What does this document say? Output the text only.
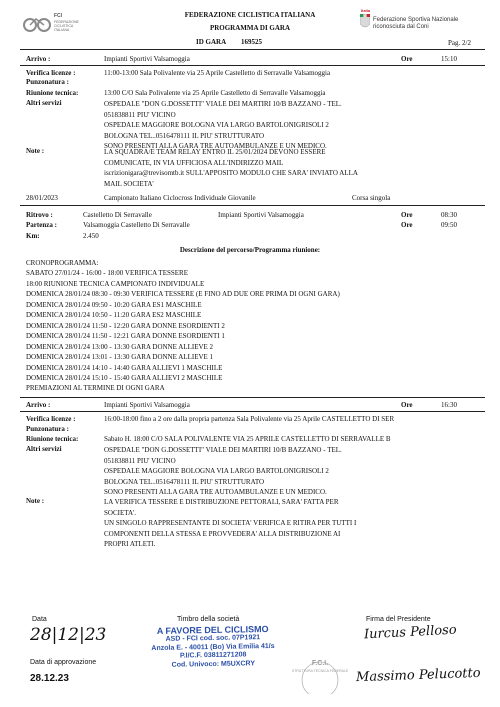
FCI
FEDERAZIONE
CICLISTICA
ITALIANA
FEDERAZIONE CICLISTICA ITALIANA
PROGRAMMA DI GARA
ID GARA 169525
Italia
Federazione Sportiva Nazionale
riconosciuta dal Coni
Pag. 2/2
Arrivo :	Impianti Sportivi Valsamoggia	Ore	15:10
Verifica licenze :	11:00-13:00 Sala Polivalente via 25 Aprile Castelletto di Serravalle Valsamoggia
Punzonatura :
Riunione tecnica:	13:00 C/O Sala Polivalente via 25 Aprile Castelletto di Serravalle Valsamoggia
Altri servizi	OSPEDALE "DON G.DOSSETTI" VIALE DEI MARTIRI 10/B BAZZANO - TEL.
051838811 PIU' VICINO
OSPEDALE MAGGIORE BOLOGNA VIA LARGO BARTOLONIGRISOLI 2
BOLOGNA TEL..0516478111 IL PIU' STRUTTURATO
SONO PRESENTI ALLA GARA TRE AUTOAMBULANZE E UN MEDICO.
Note :	LA SQUADRA/E TEAM RELAY ENTRO IL 25/01/2024 DEVONO ESSERE
COMUNICATE, IN VIA UFFICIOSA ALL'INDIRIZZO MAIL
iscrizionigara@trevisomtb.it SULL'APPOSITO MODULO CHE SARA' INVIATO ALLA
MAIL SOCIETA'
28/01/2023	Campionato Italiano Ciclocross Individuale Giovanile	Corsa singola
Ritrovo :	Castelletto Di Serravalle	Impianti Sportivi Valsamoggia	Ore	08:30
Partenza :	Valsamoggia Castelletto Di Serravalle	Ore	09:50
Km:	2.450
Descrizione del percorso/Programma riunione:
CRONOPROGRAMMA:
SABATO 27/01/24 - 16:00 - 18:00 VERIFICA TESSERE
18:00 RIUNIONE TECNICA CAMPIONATO INDIVIDUALE
DOMENICA 28/01/24 08:30 - 09:30 VERIFICA TESSERE (E FINO AD DUE ORE PRIMA DI OGNI GARA)
DOMENICA 28/01/24 09:50 - 10:20 GARA ES1 MASCHILE
DOMENICA 28/01/24 10:50 - 11:20 GARA ES2 MASCHILE
DOMENICA 28/01/24 11:50 - 12:20 GARA DONNE ESORDIENTI 2
DOMENICA 28/01/24 11:50 - 12:21 GARA DONNE ESORDIENTI 1
DOMENICA 28/01/24 13:00 - 13:30 GARA DONNE ALLIEVE 2
DOMENICA 28/01/24 13:01 - 13:30 GARA DONNE ALLIEVE 1
DOMENICA 28/01/24 14:10 - 14:40 GARA ALLIEVI 1 MASCHILE
DOMENICA 28/01/24 15:10 - 15:40 GARA ALLIEVI 2 MASCHILE
PREMIAZIONI AL TERMINE DI OGNI GARA
Arrivo :	Impianti Sportivi Valsamoggia	Ore	16:30
Verifica licenze :	16:00-18:00 fino a 2 ore dalla propria partenza Sala Polivalente via 25 Aprile CASTELLETTO DI SER
Punzonatura :
Riunione tecnica:	Sabato H. 18:00 C/O SALA POLIVALENTE VIA 25 APRILE CASTELLETTO DI SERRAVALLE B
Altri servizi	OSPEDALE "DON G.DOSSETTI" VIALE DEI MARTIRI 10/B BAZZANO - TEL.
051838811 PIU' VICINO
OSPEDALE MAGGIORE BOLOGNA VIA LARGO BARTOLONIGRISOLI 2
BOLOGNA TEL..0516478111 IL PIU' STRUTTURATO
SONO PRESENTI ALLA GARA TRE AUTOAMBULANZE E UN MEDICO.
Note :	LA VERIFICA TESSERE E DISTRIBUZIONE PETTORALI, SARA' FATTA PER
SOCIETA'.
UN SINGOLO RAPPRESENTANTE DI SOCIETA' VERIFICA E RITIRA PER TUTTI I
COMPONENTI DELLA STESSA E PROVVEDERA' ALLA DISTRIBUZIONE AI
PROPRI ATLETI.
Data
28|12|23
Data di approvazione
28.12.23
Timbro della società
A FAVORE DEL CICLISMO
ASD - FCI cod. soc. 07P1921
Anzola E. - 40011 (Bo) Via Emilia 41/s
P.I/C.F. 03811271208
Cod. Univoco: M5UXCRY	F.C.I.
STRUTTURA TECNICA FEDERALE
Firma del Presidente
Iurcus Pelloso
Massimo Pelucotto
